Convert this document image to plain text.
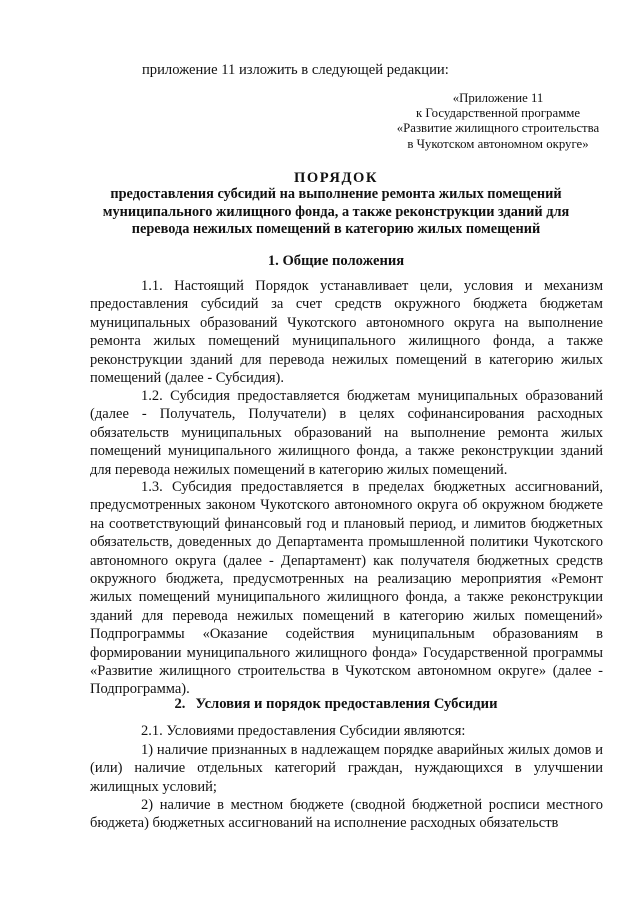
приложение 11 изложить в следующей редакции:
«Приложение 11
к Государственной программе
«Развитие жилищного строительства
в Чукотском автономном округе»
ПОРЯДОК
предоставления субсидий на выполнение ремонта жилых помещений
муниципального жилищного фонда, а также реконструкции зданий для
перевода нежилых помещений в категорию жилых помещений
1. Общие положения

1.1. Настоящий Порядок устанавливает цели, условия и механизм предоставления субсидий за счет средств окружного бюджета бюджетам муниципальных образований Чукотского автономного округа на выполнение ремонта жилых помещений муниципального жилищного фонда, а также реконструкции зданий для перевода нежилых помещений в категорию жилых помещений (далее - Субсидия).

1.2. Субсидия предоставляется бюджетам муниципальных образований (далее - Получатель, Получатели) в целях софинансирования расходных обязательств муниципальных образований на выполнение ремонта жилых помещений муниципального жилищного фонда, а также реконструкции зданий для перевода нежилых помещений в категорию жилых помещений.

1.3. Субсидия предоставляется в пределах бюджетных ассигнований, предусмотренных законом Чукотского автономного округа об окружном бюджете на соответствующий финансовый год и плановый период, и лимитов бюджетных обязательств, доведенных до Департамента промышленной политики Чукотского автономного округа (далее - Департамент) как получателя бюджетных средств окружного бюджета, предусмотренных на реализацию мероприятия «Ремонт жилых помещений муниципального жилищного фонда, а также реконструкции зданий для перевода нежилых помещений в категорию жилых помещений» Подпрограммы «Оказание содействия муниципальным образованиям в формировании муниципального жилищного фонда» Государственной программы «Развитие жилищного строительства в Чукотском автономном округе» (далее - Подпрограмма).

2. Условия и порядок предоставления Субсидии

2.1. Условиями предоставления Субсидии являются:

1) наличие признанных в надлежащем порядке аварийных жилых домов и (или) наличие отдельных категорий граждан, нуждающихся в улучшении жилищных условий;

2) наличие в местном бюджете (сводной бюджетной росписи местного бюджета) бюджетных ассигнований на исполнение расходных обязательств
